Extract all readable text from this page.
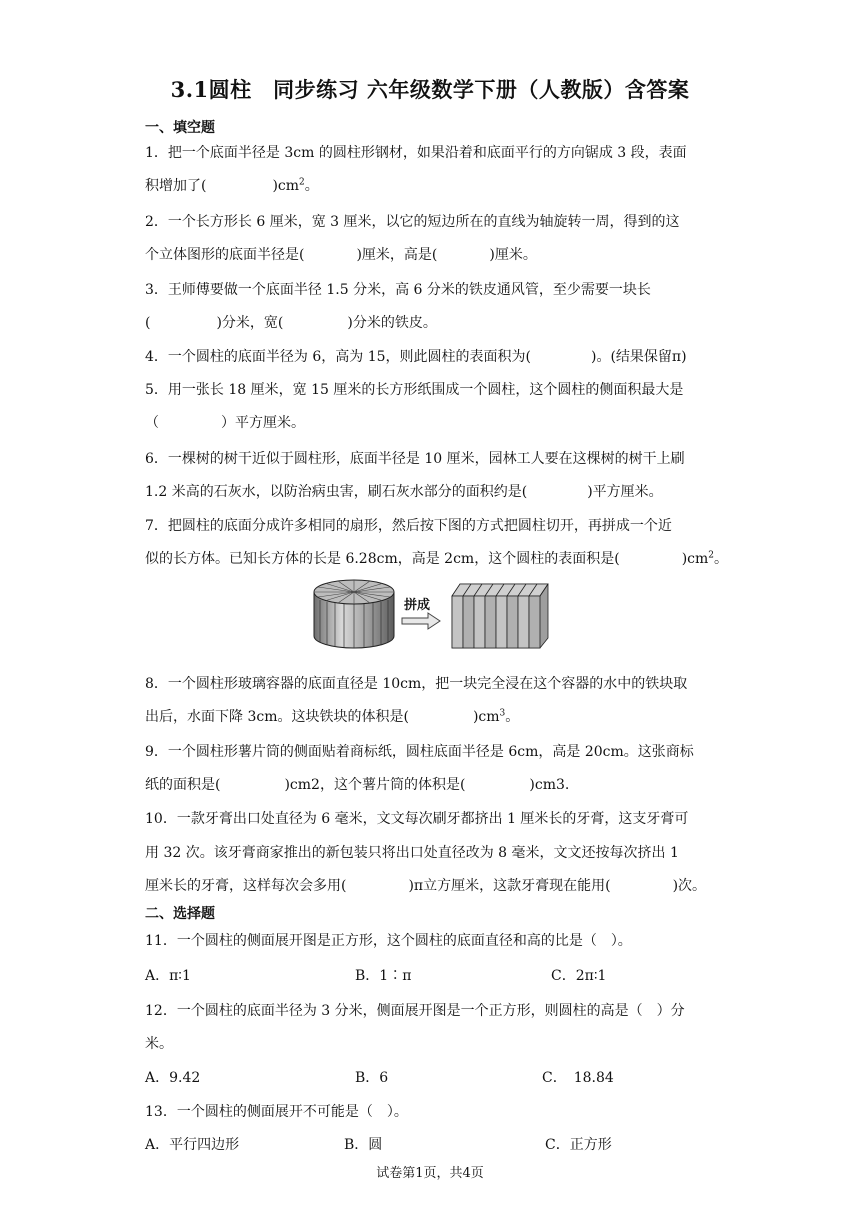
3.1圆柱　同步练习 六年级数学下册（人教版）含答案
一、填空题
1．把一个底面半径是 3cm 的圆柱形钢材，如果沿着和底面平行的方向锯成 3 段，表面
积增加了(	)$cm^2$。
2．一个长方形长 6 厘米，宽 3 厘米，以它的短边所在的直线为轴旋转一周，得到的这
个立体图形的底面半径是(	)厘米，高是(	)厘米。
3．王师傅要做一个底面半径 1.5 分米，高 6 分米的铁皮通风管，至少需要一块长
(	)分米，宽(	)分米的铁皮。
4．一个圆柱的底面半径为 6，高为 15，则此圆柱的表面积为(	)。(结果保留π)
5．用一张长 18 厘米，宽 15 厘米的长方形纸围成一个圆柱，这个圆柱的侧面积最大是
（	）平方厘米。
6．一棵树的树干近似于圆柱形，底面半径是 10 厘米，园林工人要在这棵树的树干上刷
1.2 米高的石灰水，以防治病虫害，刷石灰水部分的面积约是(	)平方厘米。
7．把圆柱的底面分成许多相同的扇形，然后按下图的方式把圆柱切开，再拼成一个近
似的长方体。已知长方体的长是 6.28cm，高是 2cm，这个圆柱的表面积是(	)$cm^2$。
拼成
8．一个圆柱形玻璃容器的底面直径是 10cm，把一块完全浸在这个容器的水中的铁块取
出后，水面下降 3cm。这块铁块的体积是(	)$cm^3$。
9．一个圆柱形薯片筒的侧面贴着商标纸，圆柱底面半径是 6cm，高是 20cm。这张商标
纸的面积是(	)cm2，这个薯片筒的体积是(	)cm3.
10．一款牙膏出口处直径为 6 毫米，文文每次刷牙都挤出 1 厘米长的牙膏，这支牙膏可
用 32 次。该牙膏商家推出的新包装只将出口处直径改为 8 毫米，文文还按每次挤出 1
厘米长的牙膏，这样每次会多用(	)π立方厘米，这款牙膏现在能用(	)次。
二、选择题
11．一个圆柱的侧面展开图是正方形，这个圆柱的底面直径和高的比是（　）。
A．π∶1	B．1∶π	C．2π∶1
12．一个圆柱的底面半径为 3 分米，侧面展开图是一个正方形，则圆柱的高是（　）分
米。
A．9.42	B．6	C．　18.84
13．一个圆柱的侧面展开不可能是（　）。
A．平行四边形	B．圆	C．正方形
试卷第1页，共4页
